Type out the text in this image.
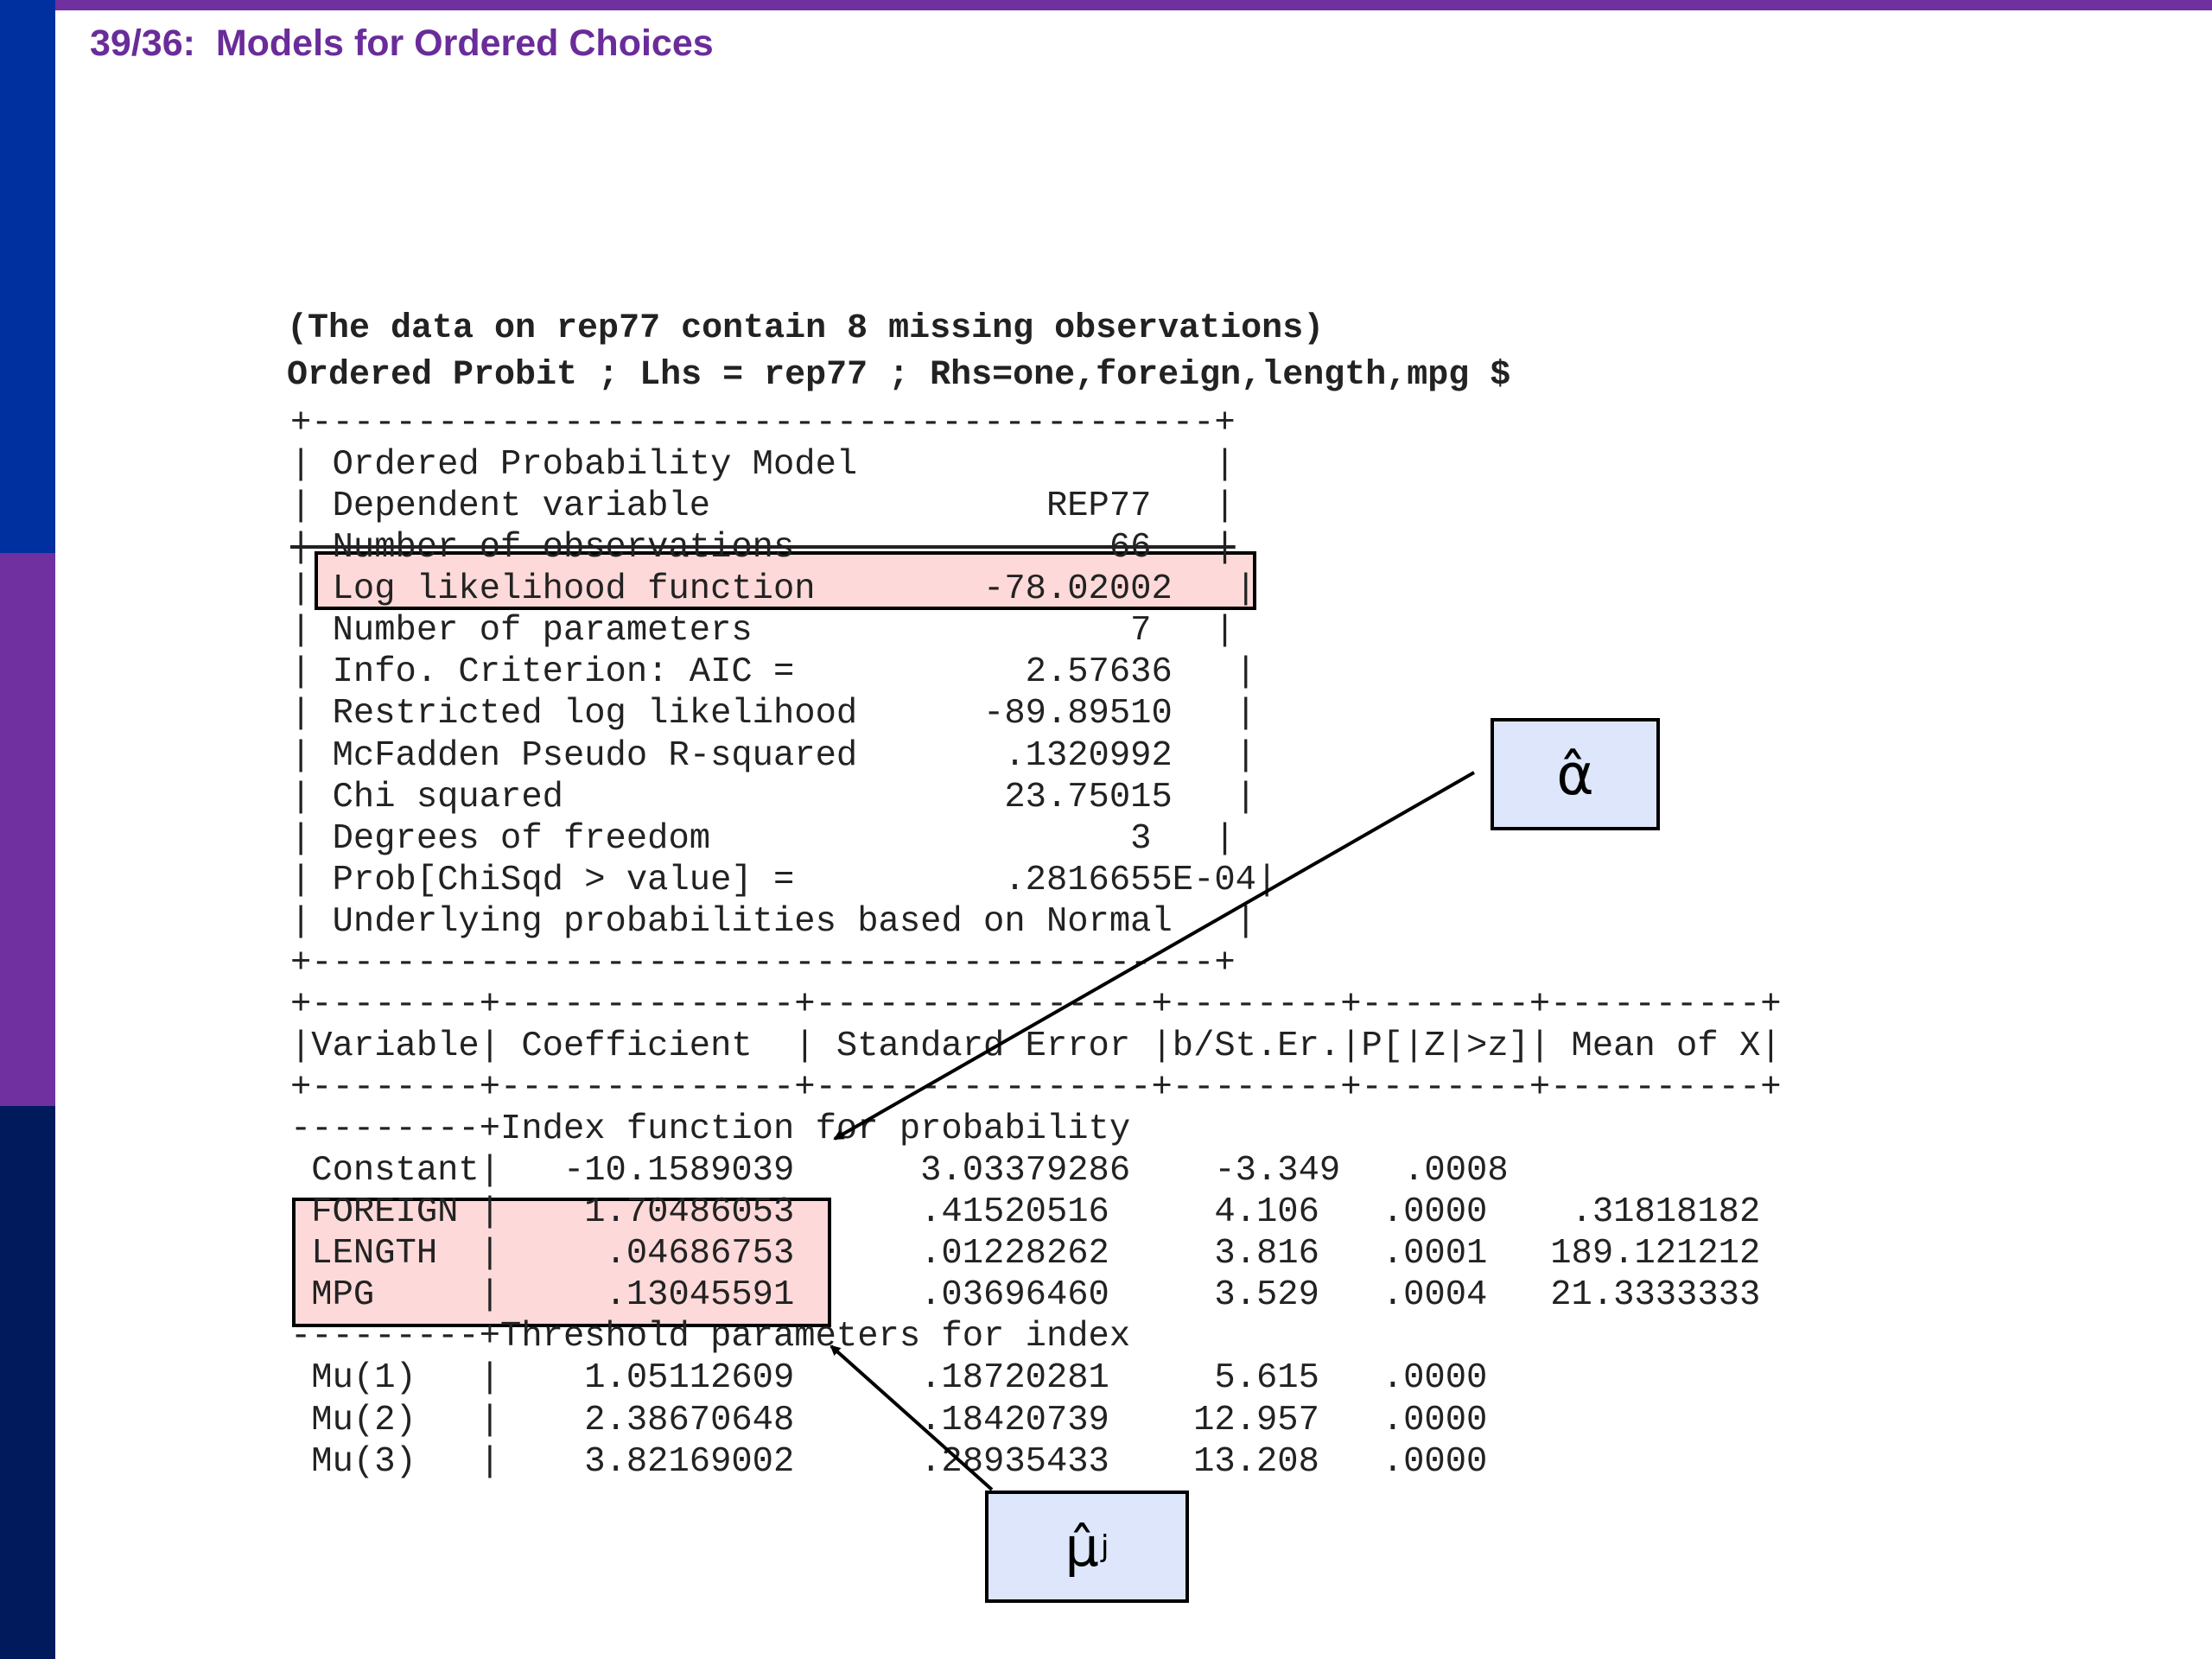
39/36:  Models for Ordered Choices
(The data on rep77 contain 8 missing observations)
Ordered Probit ; Lhs = rep77 ; Rhs=one,foreign,length,mpg $
+-------------------------------------------+
| Ordered Probability Model                 |
| Dependent variable                REP77   |
| Number of observations               66   |
| Log likelihood function        -78.02002   |
| Number of parameters                  7   |
| Info. Criterion: AIC =           2.57636   |
| Restricted log likelihood      -89.89510   |
| McFadden Pseudo R-squared       .1320992   |
| Chi squared                     23.75015   |
| Degrees of freedom                    3   |
| Prob[ChiSqd > value] =          .2816655E-04|
| Underlying probabilities based on Normal   |
+-------------------------------------------+
+--------+--------------+----------------+--------+--------+----------+
|Variable| Coefficient  | Standard Error |b/St.Er.|P[|Z|>z]| Mean of X|
+--------+--------------+----------------+--------+--------+----------+
---------+Index function for probability
Constant|   -10.1589039      3.03379286    -3.349   .0008
FOREIGN |    1.70486053      .41520516     4.106   .0000    .31818182
LENGTH  |     .04686753      .01228262     3.816   .0001   189.121212
MPG     |     .13045591      .03696460     3.529   .0004   21.3333333
---------+Threshold parameters for index
Mu(1)   |    1.05112609      .18720281     5.615   .0000
Mu(2)   |    2.38670648      .18420739    12.957   .0000
Mu(3)   |    3.82169002      .28935433    13.208   .0000
α̂
μ̂ j
